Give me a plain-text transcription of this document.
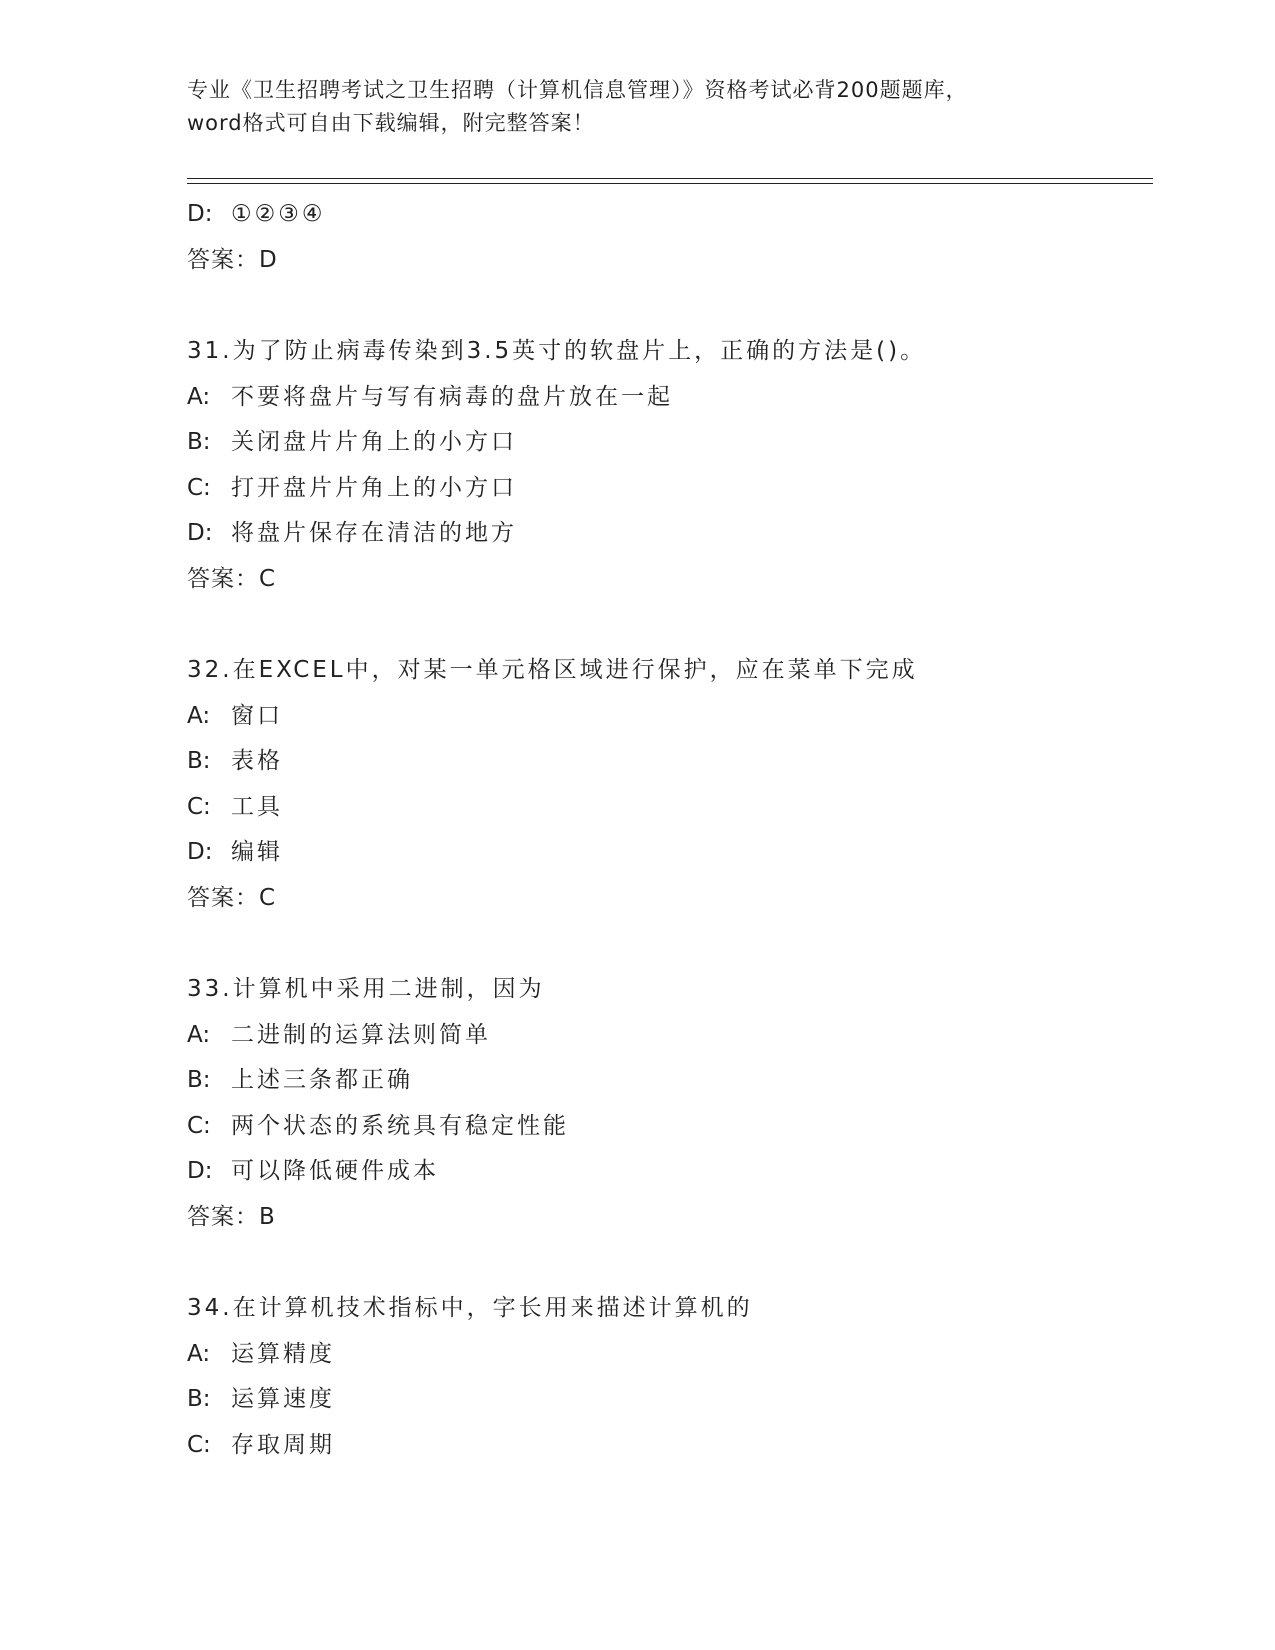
专业《卫生招聘考试之卫生招聘（计算机信息管理）》资格考试必背200题题库，
word格式可自由下载编辑，附完整答案！
D: ①②③④
答案：D
31.为了防止病毒传染到3.5英寸的软盘片上，正确的方法是()。
A: 不要将盘片与写有病毒的盘片放在一起
B: 关闭盘片片角上的小方口
C: 打开盘片片角上的小方口
D: 将盘片保存在清洁的地方
答案：C
32.在EXCEL中，对某一单元格区域进行保护，应在菜单下完成
A: 窗口
B: 表格
C: 工具
D: 编辑
答案：C
33.计算机中采用二进制，因为
A: 二进制的运算法则简单
B: 上述三条都正确
C: 两个状态的系统具有稳定性能
D: 可以降低硬件成本
答案：B
34.在计算机技术指标中，字长用来描述计算机的
A: 运算精度
B: 运算速度
C: 存取周期
